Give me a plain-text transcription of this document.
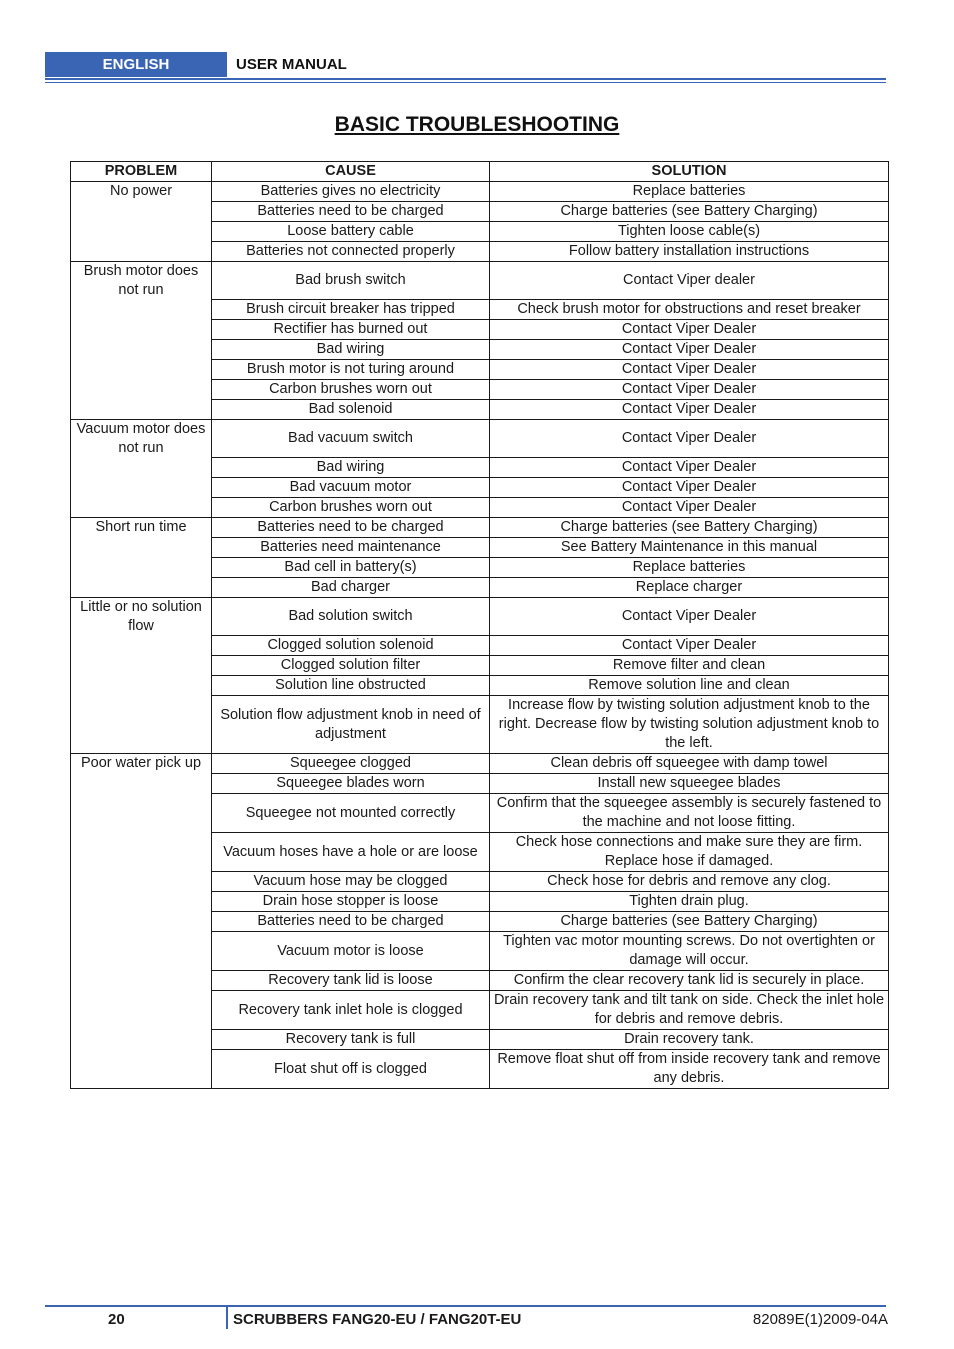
ENGLISH	USER MANUAL
BASIC TROUBLESHOOTING
PROBLEM	CAUSE	SOLUTION
No power	Batteries gives no electricity	Replace batteries
	Batteries need to be charged	Charge batteries (see Battery Charging)
	Loose battery cable	Tighten loose cable(s)
	Batteries not connected properly	Follow battery installation instructions
Brush motor does not run	Bad brush switch	Contact Viper dealer
	Brush circuit breaker has tripped	Check brush motor for obstructions and reset breaker
	Rectifier has burned out	Contact Viper Dealer
	Bad wiring	Contact Viper Dealer
	Brush motor is not turing around	Contact Viper Dealer
	Carbon brushes worn out	Contact Viper Dealer
	Bad solenoid	Contact Viper Dealer
Vacuum motor does not run	Bad vacuum switch	Contact Viper Dealer
	Bad wiring	Contact Viper Dealer
	Bad vacuum motor	Contact Viper Dealer
	Carbon brushes worn out	Contact Viper Dealer
Short run time	Batteries need to be charged	Charge batteries (see Battery Charging)
	Batteries need maintenance	See Battery Maintenance in this manual
	Bad cell in battery(s)	Replace batteries
	Bad charger	Replace charger
Little or no solution flow	Bad solution switch	Contact Viper Dealer
	Clogged solution solenoid	Contact Viper Dealer
	Clogged solution filter	Remove filter and clean
	Solution line obstructed	Remove solution line and clean
	Solution flow adjustment knob in need of adjustment	Increase flow by twisting solution adjustment knob to the right. Decrease flow by twisting solution adjustment knob to the left.
Poor water pick up	Squeegee clogged	Clean debris off squeegee with damp towel
	Squeegee blades worn	Install new squeegee blades
	Squeegee not mounted correctly	Confirm that the squeegee assembly is securely fastened to the machine and not loose fitting.
	Vacuum hoses have a hole or are loose	Check hose connections and make sure they are firm. Replace hose if damaged.
	Vacuum hose may be clogged	Check hose for debris and remove any clog.
	Drain hose stopper is loose	Tighten drain plug.
	Batteries need to be charged	Charge batteries (see Battery Charging)
	Vacuum motor is loose	Tighten vac motor mounting screws. Do not overtighten or damage will occur.
	Recovery tank lid is loose	Confirm the clear recovery tank lid is securely in place.
	Recovery tank inlet hole is clogged	Drain recovery tank and tilt tank on side. Check the inlet hole for debris and remove debris.
	Recovery tank is full	Drain recovery tank.
	Float shut off is clogged	Remove float shut off from inside recovery tank and remove any debris.
20	SCRUBBERS FANG20-EU / FANG20T-EU	82089E(1)2009-04A
